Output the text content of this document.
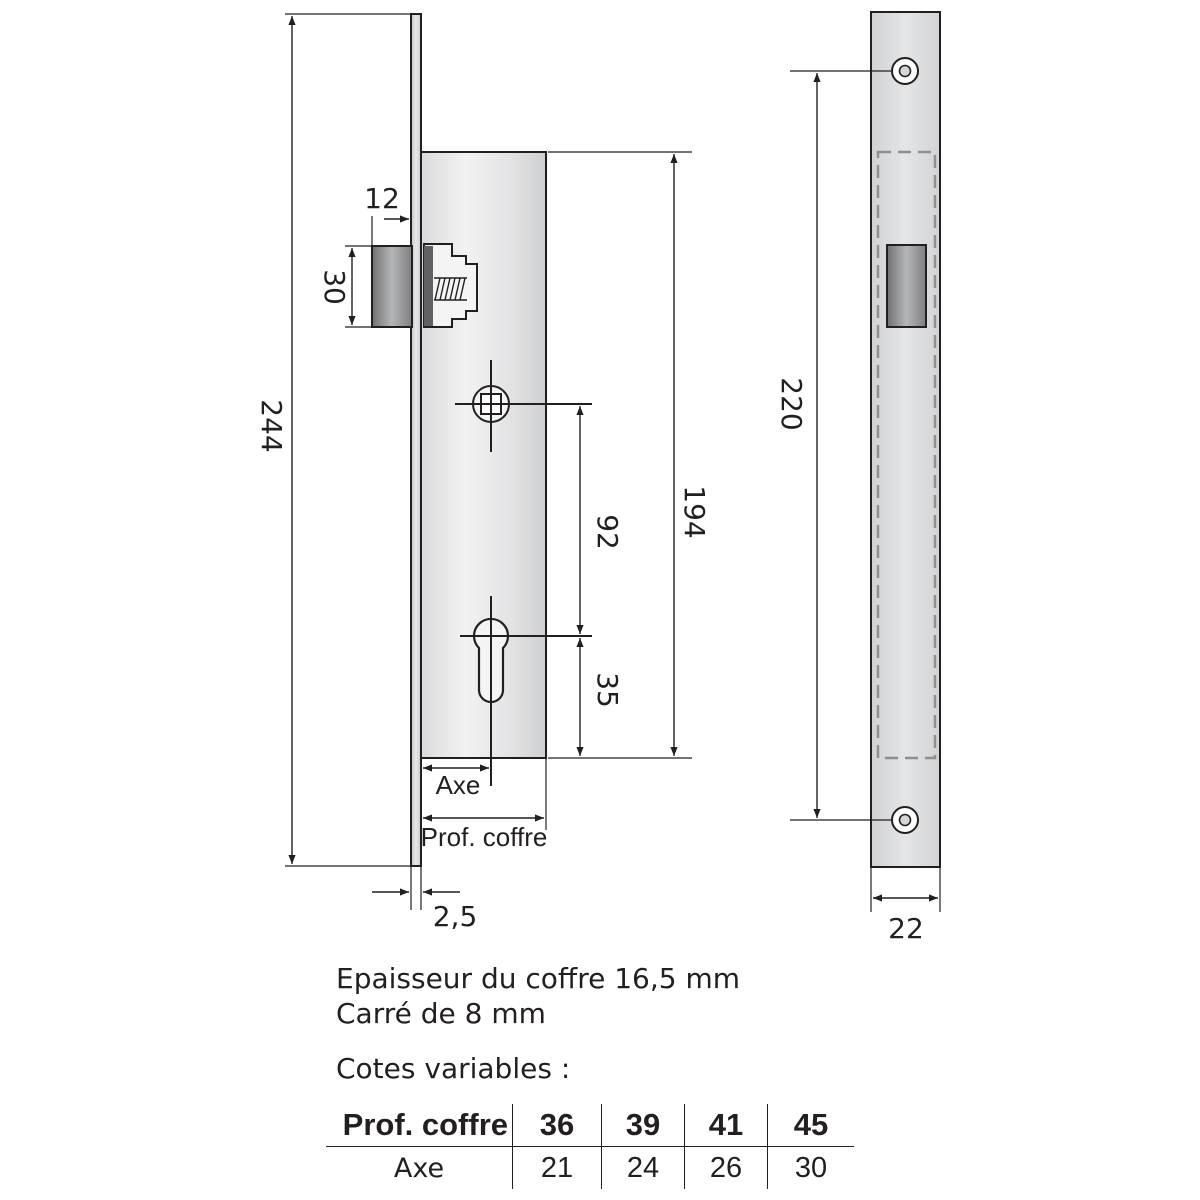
244
12
30
194
92
35
Axe
Prof. coffre
2,5
220
22
Epaisseur du coffre 16,5 mm
Carré de 8 mm
Cotes variables :
Prof. coffre	36	39	41	45
Axe	21	24	26	30
